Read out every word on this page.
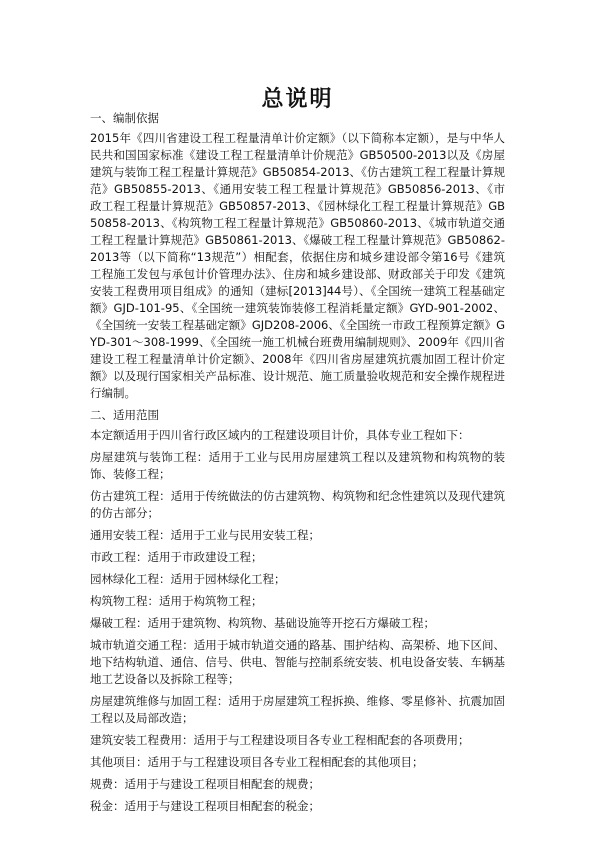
总说明
一、编制依据
2015年《四川省建设工程工程量清单计价定额》（以下简称本定额），是与中华人民共和国国家标准《建设工程工程量清单计价规范》GB50500-2013以及《房屋建筑与装饰工程工程量计算规范》GB50854-2013、《仿古建筑工程工程量计算规范》GB50855-2013、《通用安装工程工程量计算规范》GB50856-2013、《市政工程工程量计算规范》GB50857-2013、《园林绿化工程工程量计算规范》GB50858-2013、《构筑物工程工程量计算规范》GB50860-2013、《城市轨道交通工程工程量计算规范》GB50861-2013、《爆破工程工程量计算规范》GB50862-2013等（以下简称“13规范”）相配套，依据住房和城乡建设部令第16号《建筑工程施工发包与承包计价管理办法》、住房和城乡建设部、财政部关于印发《建筑安装工程费用项目组成》的通知（建标[2013]44号）、《全国统一建筑工程基础定额》GJD-101-95、《全国统一建筑装饰装修工程消耗量定额》GYD-901-2002、《全国统一安装工程基础定额》GJD208-2006、《全国统一市政工程预算定额》GYD-301～308-1999、《全国统一施工机械台班费用编制规则》、2009年《四川省建设工程工程量清单计价定额》、2008年《四川省房屋建筑抗震加固工程计价定额》以及现行国家相关产品标准、设计规范、施工质量验收规范和安全操作规程进行编制。
二、适用范围
本定额适用于四川省行政区域内的工程建设项目计价，具体专业工程如下：
房屋建筑与装饰工程：适用于工业与民用房屋建筑工程以及建筑物和构筑物的装饰、装修工程；
仿古建筑工程：适用于传统做法的仿古建筑物、构筑物和纪念性建筑以及现代建筑的仿古部分；
通用安装工程：适用于工业与民用安装工程；
市政工程：适用于市政建设工程；
园林绿化工程：适用于园林绿化工程；
构筑物工程：适用于构筑物工程；
爆破工程：适用于建筑物、构筑物、基础设施等开挖石方爆破工程；
城市轨道交通工程：适用于城市轨道交通的路基、围护结构、高架桥、地下区间、地下结构轨道、通信、信号、供电、智能与控制系统安装、机电设备安装、车辆基地工艺设备以及拆除工程等；
房屋建筑维修与加固工程：适用于房屋建筑工程拆换、维修、零星修补、抗震加固工程以及局部改造；
建筑安装工程费用：适用于与工程建设项目各专业工程相配套的各项费用；
其他项目：适用于与工程建设项目各专业工程相配套的其他项目；
规费：适用于与建设工程项目相配套的规费；
税金：适用于与建设工程项目相配套的税金；
